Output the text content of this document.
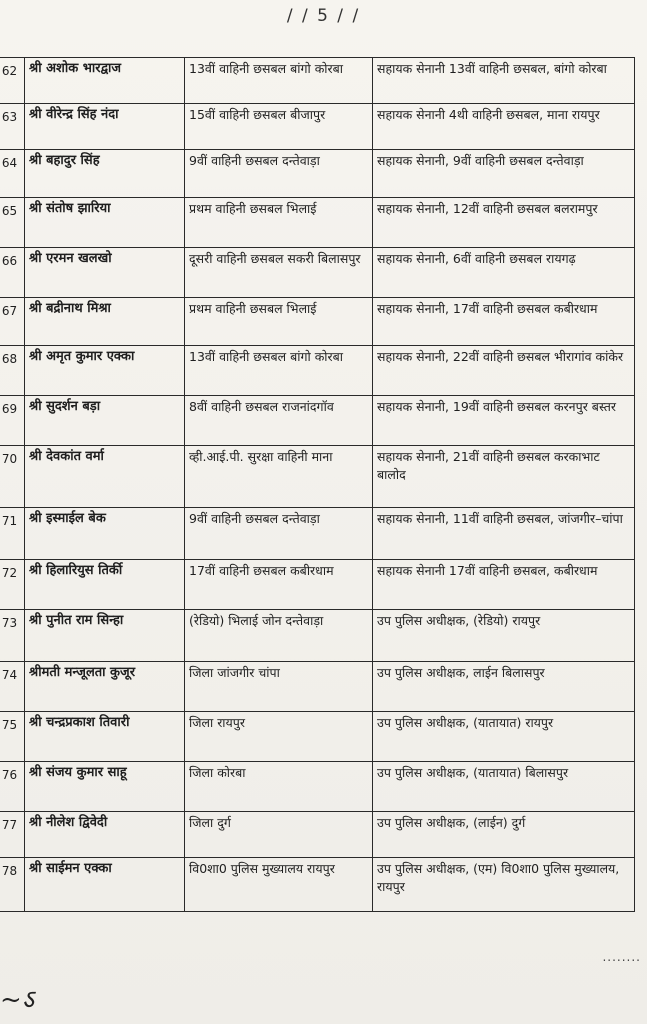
/ / 5 / /
62	श्री अशोक भारद्वाज	13वीं वाहिनी छसबल बांगो कोरबा	सहायक सेनानी 13वीं वाहिनी छसबल, बांगो कोरबा
63	श्री वीरेन्द्र सिंह नंदा	15वीं वाहिनी छसबल बीजापुर	सहायक सेनानी 4थी वाहिनी छसबल, माना रायपुर
64	श्री बहादुर सिंह	9वीं वाहिनी छसबल दन्तेवाड़ा	सहायक सेनानी, 9वीं वाहिनी छसबल दन्तेवाड़ा
65	श्री संतोष झारिया	प्रथम वाहिनी छसबल भिलाई	सहायक सेनानी, 12वीं वाहिनी छसबल बलरामपुर
66	श्री एरमन खलखो	दूसरी वाहिनी छसबल सकरी बिलासपुर	सहायक सेनानी, 6वीं वाहिनी छसबल रायगढ़
67	श्री बद्रीनाथ मिश्रा	प्रथम वाहिनी छसबल भिलाई	सहायक सेनानी, 17वीं वाहिनी छसबल कबीरधाम
68	श्री अमृत कुमार एक्का	13वीं वाहिनी छसबल बांगो कोरबा	सहायक सेनानी, 22वीं वाहिनी छसबल भीरागांव कांकेर
69	श्री सुदर्शन बड़ा	8वीं वाहिनी छसबल राजनांदगॉव	सहायक सेनानी, 19वीं वाहिनी छसबल करनपुर बस्तर
70	श्री देवकांत वर्मा	व्ही.आई.पी. सुरक्षा वाहिनी माना	सहायक सेनानी, 21वीं वाहिनी छसबल करकाभाट बालोद
71	श्री इस्माईल बेक	9वीं वाहिनी छसबल दन्तेवाड़ा	सहायक सेनानी, 11वीं वाहिनी छसबल, जांजगीर–चांपा
72	श्री हिलारियुस तिर्की	17वीं वाहिनी छसबल कबीरधाम	सहायक सेनानी 17वीं वाहिनी छसबल, कबीरधाम
73	श्री पुनीत राम सिन्हा	(रेडियो) भिलाई जोन दन्तेवाड़ा	उप पुलिस अधीक्षक, (रेडियो) रायपुर
74	श्रीमती मन्जूलता कुजूर	जिला जांजगीर चांपा	उप पुलिस अधीक्षक, लाईन बिलासपुर
75	श्री चन्द्रप्रकाश तिवारी	जिला रायपुर	उप पुलिस अधीक्षक, (यातायात) रायपुर
76	श्री संजय कुमार साहू	जिला कोरबा	उप पुलिस अधीक्षक, (यातायात) बिलासपुर
77	श्री नीलेश द्विवेदी	जिला दुर्ग	उप पुलिस अधीक्षक, (लाईन) दुर्ग
78	श्री साईमन एक्का	वि0शा0 पुलिस मुख्यालय रायपुर	उप पुलिस अधीक्षक, (एम) वि0शा0 पुलिस मुख्यालय, रायपुर
........
~ऽ
